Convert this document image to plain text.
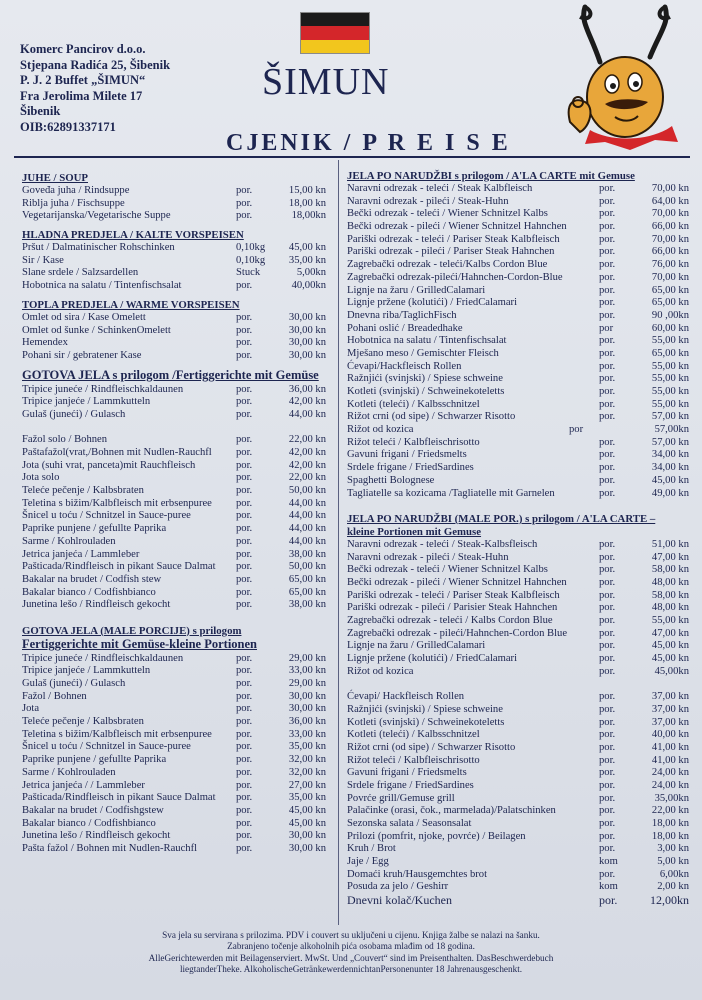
Komerc Pancirov d.o.o.
Stjepana Radića 25, Šibenik
P. J. 2 Buffet „ŠIMUN“
Fra Jerolima Milete 17
Šibenik
OIB:62891337171
ŠIMUN
CJENIK / P R E I S E
JUHE / SOUP
Goveđa juha / Rindsuppe	por.	15,00 kn
Riblja juha / Fischsuppe	por.	18,00 kn
Vegetarijanska/Vegetarische Suppe	por.	18,00kn
HLADNA PREDJELA / KALTE VORSPEISEN
Pršut / Dalmatinischer Rohschinken	0,10kg 45,00 kn
Sir / Kase	0,10kg 35,00 kn
Slane srdele / Salzsardellen	Stuck	5,00kn
Hobotnica na salatu / Tintenfischsalat	por.	40,00kn
TOPLA PREDJELA / WARME VORSPEISEN
Omlet od sira / Kase Omelett	por.	30,00 kn
Omlet od šunke / SchinkenOmelett	por.	30,00 kn
Hemendex	por.	30,00 kn
Pohani sir / gebratener Kase	por.	30,00 kn
GOTOVA JELA s prilogom /Fertiggerichte mit Gemüse
Tripice juneće / Rindfleischkaldaunen	por.	36,00 kn
Tripice janjeće / Lammkutteln	por.	42,00 kn
Gulaš (juneći) / Gulasch	por.	44,00 kn
Fažol solo / Bohnen	por.	22,00 kn
Paštafažol(vrat,/Bohnen mit Nudlen-Rauchfl por.	42,00 kn
Jota (suhi vrat, panceta)mit Rauchfleisch	por.	42,00 kn
Jota solo	por.	22,00 kn
Teleće pečenje / Kalbsbraten	por.	50,00 kn
Teletina s bižim/Kalbfleisch mit erbsenpuree por.	44,00 kn
Šnicel u toću / Schnitzel in Sauce-puree	por.	44,00 kn
Paprike punjene / gefullte Paprika	por.	44,00 kn
Sarme / Kohlrouladen	por.	44,00 kn
Jetrica janjeća / Lammleber	por.	38,00 kn
Pašticada/Rindfleisch in pikant Sauce Dalmat por.	50,00 kn
Bakalar na brudet / Codfish stew	por.	65,00 kn
Bakalar bianco / Codfishbianco	por.	65,00 kn
Junetina lešo / Rindfleisch gekocht	por.	38,00 kn
GOTOVA JELA (MALE PORCIJE) s prilogom
Fertiggerichte mit Gemüse-kleine Portionen
Tripice juneće / Rindfleischkaldaunen	por.	29,00 kn
Tripice janjeće / Lammkutteln	por.	33,00 kn
Gulaš (juneći) / Gulasch	por.	29,00 kn
Fažol / Bohnen	por.	30,00 kn
Jota	por.	30,00 kn
Teleće pečenje / Kalbsbraten	por.	36,00 kn
Teletina s bižim/Kalbfleisch mit erbsenpuree por.	33,00 kn
Šnicel u toću / Schnitzel in Sauce-puree	por.	35,00 kn
Paprike punjene / gefullte Paprika	por.	32,00 kn
Sarme / Kohlrouladen	por.	32,00 kn
Jetrica janjeća / / Lammleber	por.	27,00 kn
Pašticada/Rindfleisch in pikant Sauce Dalmat por.	35,00 kn
Bakalar na brudet / Codfishgstew	por.	45,00 kn
Bakalar bianco / Codfishbianco	por.	45,00 kn
Junetina lešo / Rindfleisch gekocht	por.	30,00 kn
Pašta fažol / Bohnen mit Nudlen-Rauchfl	por.	30,00 kn
JELA PO NARUDŽBI s prilogom / A'LA CARTE mit Gemuse
Naravni odrezak - teleći / Steak Kalbfleisch	por.	70,00 kn
Naravni odrezak - pileći / Steak-Huhn	por.	64,00 kn
Bečki odrezak - teleći / Wiener Schnitzel Kalbs	por.	70,00 kn
Bečki odrezak - pileći / Wiener Schnitzel Hahnchen	por.	66,00 kn
Pariški odrezak - teleći / Pariser Steak Kalbfleisch	por.	70,00 kn
Pariški odrezak - pileći / Pariser Steak Hahnchen	por.	66,00 kn
Zagrebački odrezak - teleći/Kalbs Cordon Blue	por.	76,00 kn
Zagrebački odrezak-pileći/Hahnchen-Cordon-Blue	por.	70,00 kn
Lignje na žaru / GrilledCalamari	por.	65,00 kn
Lignje pržene (kolutići) / FriedCalamari	por.	65,00 kn
Dnevna riba/TaglichFisch	por.	90 ,00kn
Pohani oslić / Breadedhake	por	60,00 kn
Hobotnica na salatu / Tintenfischsalat	por.	55,00 kn
Mješano meso / Gemischter Fleisch	por.	65,00 kn
Ćevapi/Hackfleisch Rollen	por.	55,00 kn
Ražnjići (svinjski) / Spiese schweine	por.	55,00 kn
Kotleti (svinjski) / Schweinekoteletts	por.	55,00 kn
Kotleti (teleći) / Kalbsschnitzel	por.	55,00 kn
Rižot crni (od sipe) / Schwarzer Risotto	por.	57,00 kn
Rižot od kozica	por	57,00kn
Rižot teleći / Kalbfleischrisotto	por.	57,00 kn
Gavuni frigani / Friedsmelts	por.	34,00 kn
Srdele frigane / FriedSardines	por.	34,00 kn
Spaghetti Bolognese	por.	45,00 kn
Tagliatelle sa kozicama /Tagliatelle mit Garnelen	por.	49,00 kn
JELA PO NARUDŽBI (MALE POR.) s prilogom / A'LA CARTE –
kleine Portionen mit Gemuse
Naravni odrezak - teleći / Steak-Kalbsfleisch	por.	51,00 kn
Naravni odrezak - pileći / Steak-Huhn	por.	47,00 kn
Bečki odrezak - teleći / Wiener Schnitzel Kalbs	por.	58,00 kn
Bečki odrezak - pileći / Wiener Schnitzel Hahnchen	por.	48,00 kn
Pariški odrezak - teleći / Pariser Steak Kalbfleisch	por.	58,00 kn
Pariški odrezak - pileći / Parisier Steak Hahnchen	por.	48,00 kn
Zagrebački odrezak - teleći / Kalbs Cordon Blue	por.	55,00 kn
Zagrebački odrezak - pileći/Hahnchen-Cordon Blue	por.	47,00 kn
Lignje na žaru / GrilledCalamari	por.	45,00 kn
Lignje pržene (kolutići) / FriedCalamari	por.	45,00 kn
Rižot od kozica	por.	45,00kn
Ćevapi/ Hackfleisch Rollen	por.	37,00 kn
Ražnjići (svinjski) / Spiese schweine	por.	37,00 kn
Kotleti (svinjski) / Schweinekoteletts	por.	37,00 kn
Kotleti (teleći) / Kalbsschnitzel	por.	40,00 kn
Rižot crni (od sipe) / Schwarzer Risotto	por.	41,00 kn
Rižot teleći / Kalbfleischrisotto	por.	41,00 kn
Gavuni frigani / Friedsmelts	por.	24,00 kn
Srdele frigane / FriedSardines	por.	24,00 kn
Povrće grill/Gemuse grill	por.	35,00kn
Palačinke (orasi, čok., marmelada)/Palatschinken	por.	22,00 kn
Sezonska salata / Seasonsalat	por.	18,00 kn
Prilozi (pomfrit, njoke, povrće) / Beilagen	por.	18,00 kn
Kruh / Brot	por.	3,00 kn
Jaje / Egg	kom	5,00 kn
Domaći kruh/Hausgemchtes brot	por.	6,00kn
Posuda za jelo / Geshirr	kom	2,00 kn
Dnevni kolač/Kuchen	por.	12,00kn
Sva jela su servirana s prilozima. PDV i couvert su uključeni u cijenu. Knjiga žalbe se nalazi na šanku.
Zabranjeno točenje alkoholnih pića osobama mlađim od 18 godina.
AlleGerichtewerden mit Beilagenserviert. MwSt. Und „Couvert“ sind im Preisenthalten. DasBeschwerdebuch
liegtanderTheke. AlkoholischeGetränkewerdennichtanPersonenunter 18 Jahrenausgeschenkt.
